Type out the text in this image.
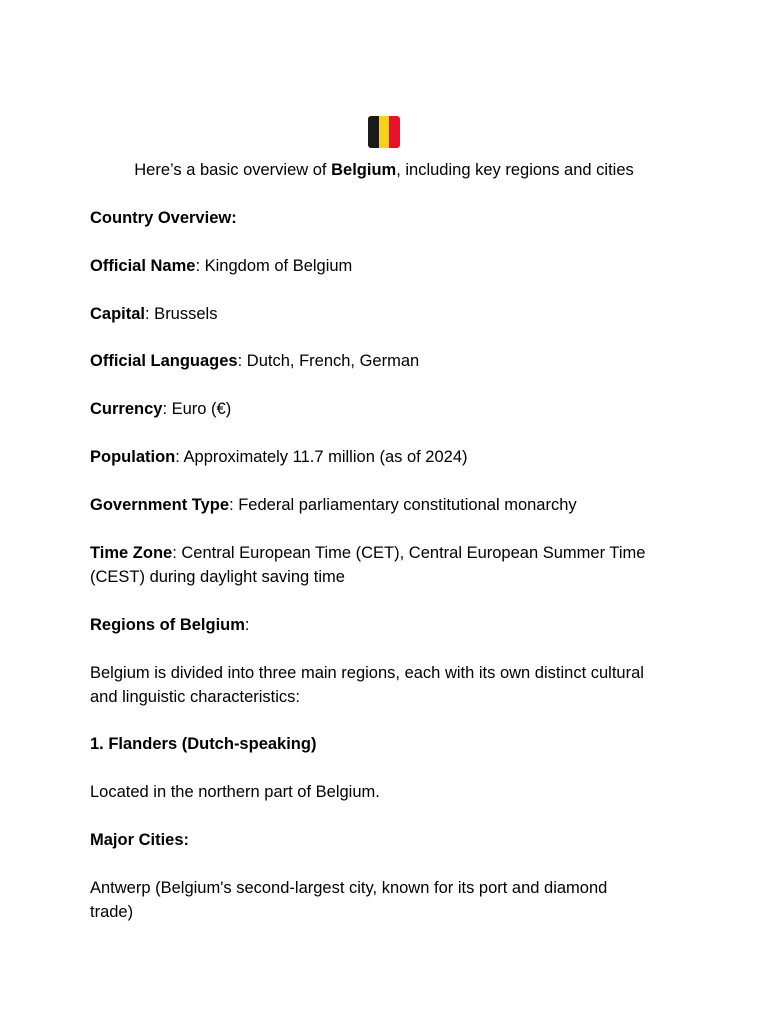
Here’s a basic overview of Belgium, including key regions and cities
Country Overview:
Official Name: Kingdom of Belgium
Capital: Brussels
Official Languages: Dutch, French, German
Currency: Euro (€)
Population: Approximately 11.7 million (as of 2024)
Government Type: Federal parliamentary constitutional monarchy
Time Zone: Central European Time (CET), Central European Summer Time (CEST) during daylight saving time
Regions of Belgium:
Belgium is divided into three main regions, each with its own distinct cultural and linguistic characteristics:
1. Flanders (Dutch-speaking)
Located in the northern part of Belgium.
Major Cities:
Antwerp (Belgium's second-largest city, known for its port and diamond trade)
